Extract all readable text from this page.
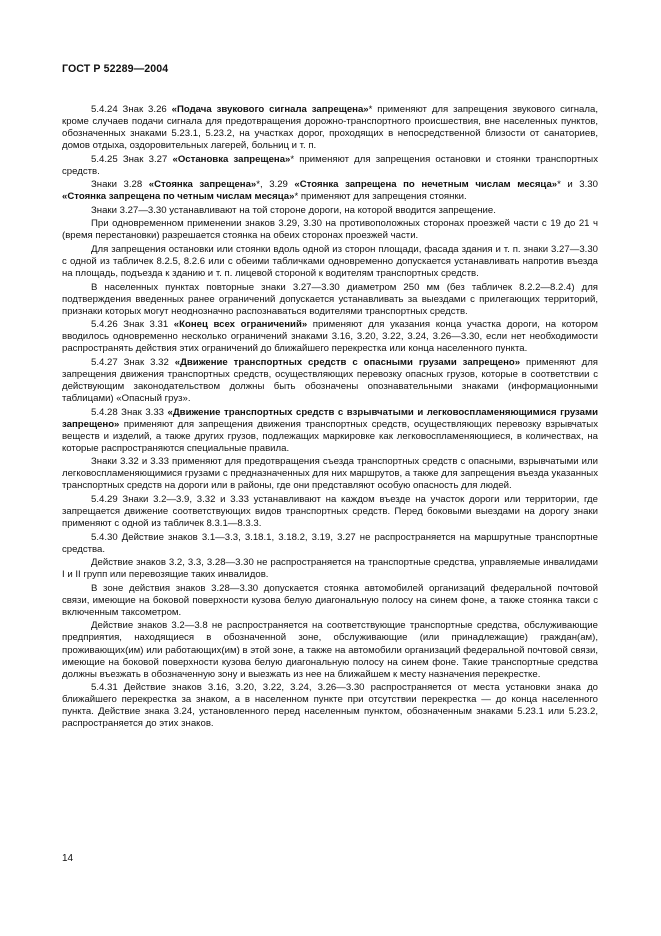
ГОСТ Р 52289—2004

5.4.24 Знак 3.26 «Подача звукового сигнала запрещена»* применяют для запрещения звукового сигнала, кроме случаев подачи сигнала для предотвращения дорожно-транспортного происшествия, вне населенных пунктов, обозначенных знаками 5.23.1, 5.23.2, на участках дорог, проходящих в непосредственной близости от санаториев, домов отдыха, оздоровительных лагерей, больниц и т. п.

5.4.25 Знак 3.27 «Остановка запрещена»* применяют для запрещения остановки и стоянки транспортных средств.

Знаки 3.28 «Стоянка запрещена»*, 3.29 «Стоянка запрещена по нечетным числам месяца»* и 3.30 «Стоянка запрещена по четным числам месяца»* применяют для запрещения стоянки.

Знаки 3.27—3.30 устанавливают на той стороне дороги, на которой вводится запрещение.

При одновременном применении знаков 3.29, 3.30 на противоположных сторонах проезжей части с 19 до 21 ч (время перестановки) разрешается стоянка на обеих сторонах проезжей части.

Для запрещения остановки или стоянки вдоль одной из сторон площади, фасада здания и т. п. знаки 3.27—3.30 с одной из табличек 8.2.5, 8.2.6 или с обеими табличками одновременно допускается устанавливать напротив въезда на площадь, подъезда к зданию и т. п. лицевой стороной к водителям транспортных средств.

В населенных пунктах повторные знаки 3.27—3.30 диаметром 250 мм (без табличек 8.2.2—8.2.4) для подтверждения введенных ранее ограничений допускается устанавливать за выездами с прилегающих территорий, признаки которых могут неоднозначно распознаваться водителями транспортных средств.

5.4.26 Знак 3.31 «Конец всех ограничений» применяют для указания конца участка дороги, на котором вводилось одновременно несколько ограничений знаками 3.16, 3.20, 3.22, 3.24, 3.26—3.30, если нет необходимости распространять действия этих ограничений до ближайшего перекрестка или конца населенного пункта.

5.4.27 Знак 3.32 «Движение транспортных средств с опасными грузами запрещено» применяют для запрещения движения транспортных средств, осуществляющих перевозку опасных грузов, которые в соответствии с действующим законодательством должны быть обозначены опознавательными знаками (информационными таблицами) «Опасный груз».

5.4.28 Знак 3.33 «Движение транспортных средств с взрывчатыми и легковоспламеняющимися грузами запрещено» применяют для запрещения движения транспортных средств, осуществляющих перевозку взрывчатых веществ и изделий, а также других грузов, подлежащих маркировке как легковоспламеняющиеся, в количествах, на которые распространяются специальные правила.

Знаки 3.32 и 3.33 применяют для предотвращения съезда транспортных средств с опасными, взрывчатыми или легковоспламеняющимися грузами с предназначенных для них маршрутов, а также для запрещения въезда указанных транспортных средств на дороги или в районы, где они представляют особую опасность для людей.

5.4.29 Знаки 3.2—3.9, 3.32 и 3.33 устанавливают на каждом въезде на участок дороги или территории, где запрещается движение соответствующих видов транспортных средств. Перед боковыми выездами на дорогу знаки применяют с одной из табличек 8.3.1—8.3.3.

5.4.30 Действие знаков 3.1—3.3, 3.18.1, 3.18.2, 3.19, 3.27 не распространяется на маршрутные транспортные средства.

Действие знаков 3.2, 3.3, 3.28—3.30 не распространяется на транспортные средства, управляемые инвалидами I и II групп или перевозящие таких инвалидов.

В зоне действия знаков 3.28—3.30 допускается стоянка автомобилей организаций федеральной почтовой связи, имеющие на боковой поверхности кузова белую диагональную полосу на синем фоне, а также стоянка такси с включенным таксометром.

Действие знаков 3.2—3.8 не распространяется на соответствующие транспортные средства, обслуживающие предприятия, находящиеся в обозначенной зоне, обслуживающие (или принадлежащие) граждан(ам), проживающих(им) или работающих(им) в этой зоне, а также на автомобили организаций федеральной почтовой связи, имеющие на боковой поверхности кузова белую диагональную полосу на синем фоне. Такие транспортные средства должны въезжать в обозначенную зону и выезжать из нее на ближайшем к месту назначения перекрестке.

5.4.31 Действие знаков 3.16, 3.20, 3.22, 3.24, 3.26—3.30 распространяется от места установки знака до ближайшего перекрестка за знаком, а в населенном пункте при отсутствии перекрестка — до конца населенного пункта. Действие знака 3.24, установленного перед населенным пунктом, обозначенным знаками 5.23.1 или 5.23.2, распространяется до этих знаков.

14
